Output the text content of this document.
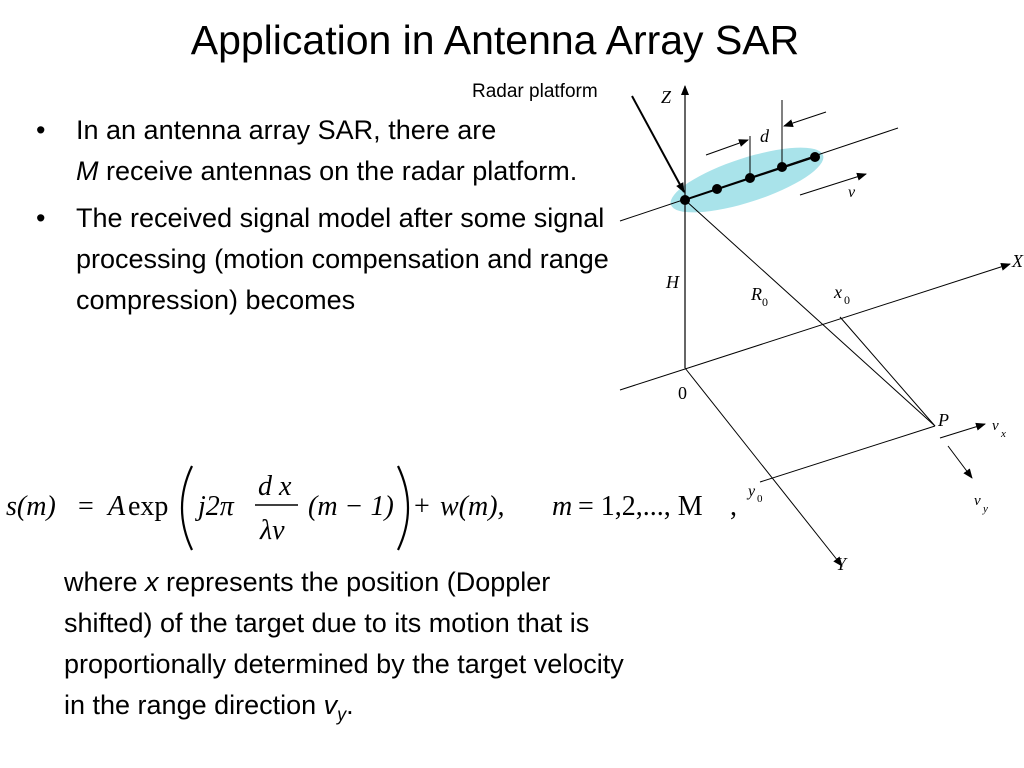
Application in Antenna Array SAR
• In an antenna array SAR, there are
M receive antennas on the radar platform.
• The received signal model after some signal processing (motion compensation and range compression) becomes
s(m) = A exp j2π
d x
λv
(m − 1) + w(m), m = 1,2,..., M ,
where x represents the position (Doppler shifted) of the target due to its motion that is proportionally determined by the target velocity in the range direction $v_y$.
d
v
Radar platform	Z
X
Y
H
R 0	x 0
0
P
y 0
v x
v y
